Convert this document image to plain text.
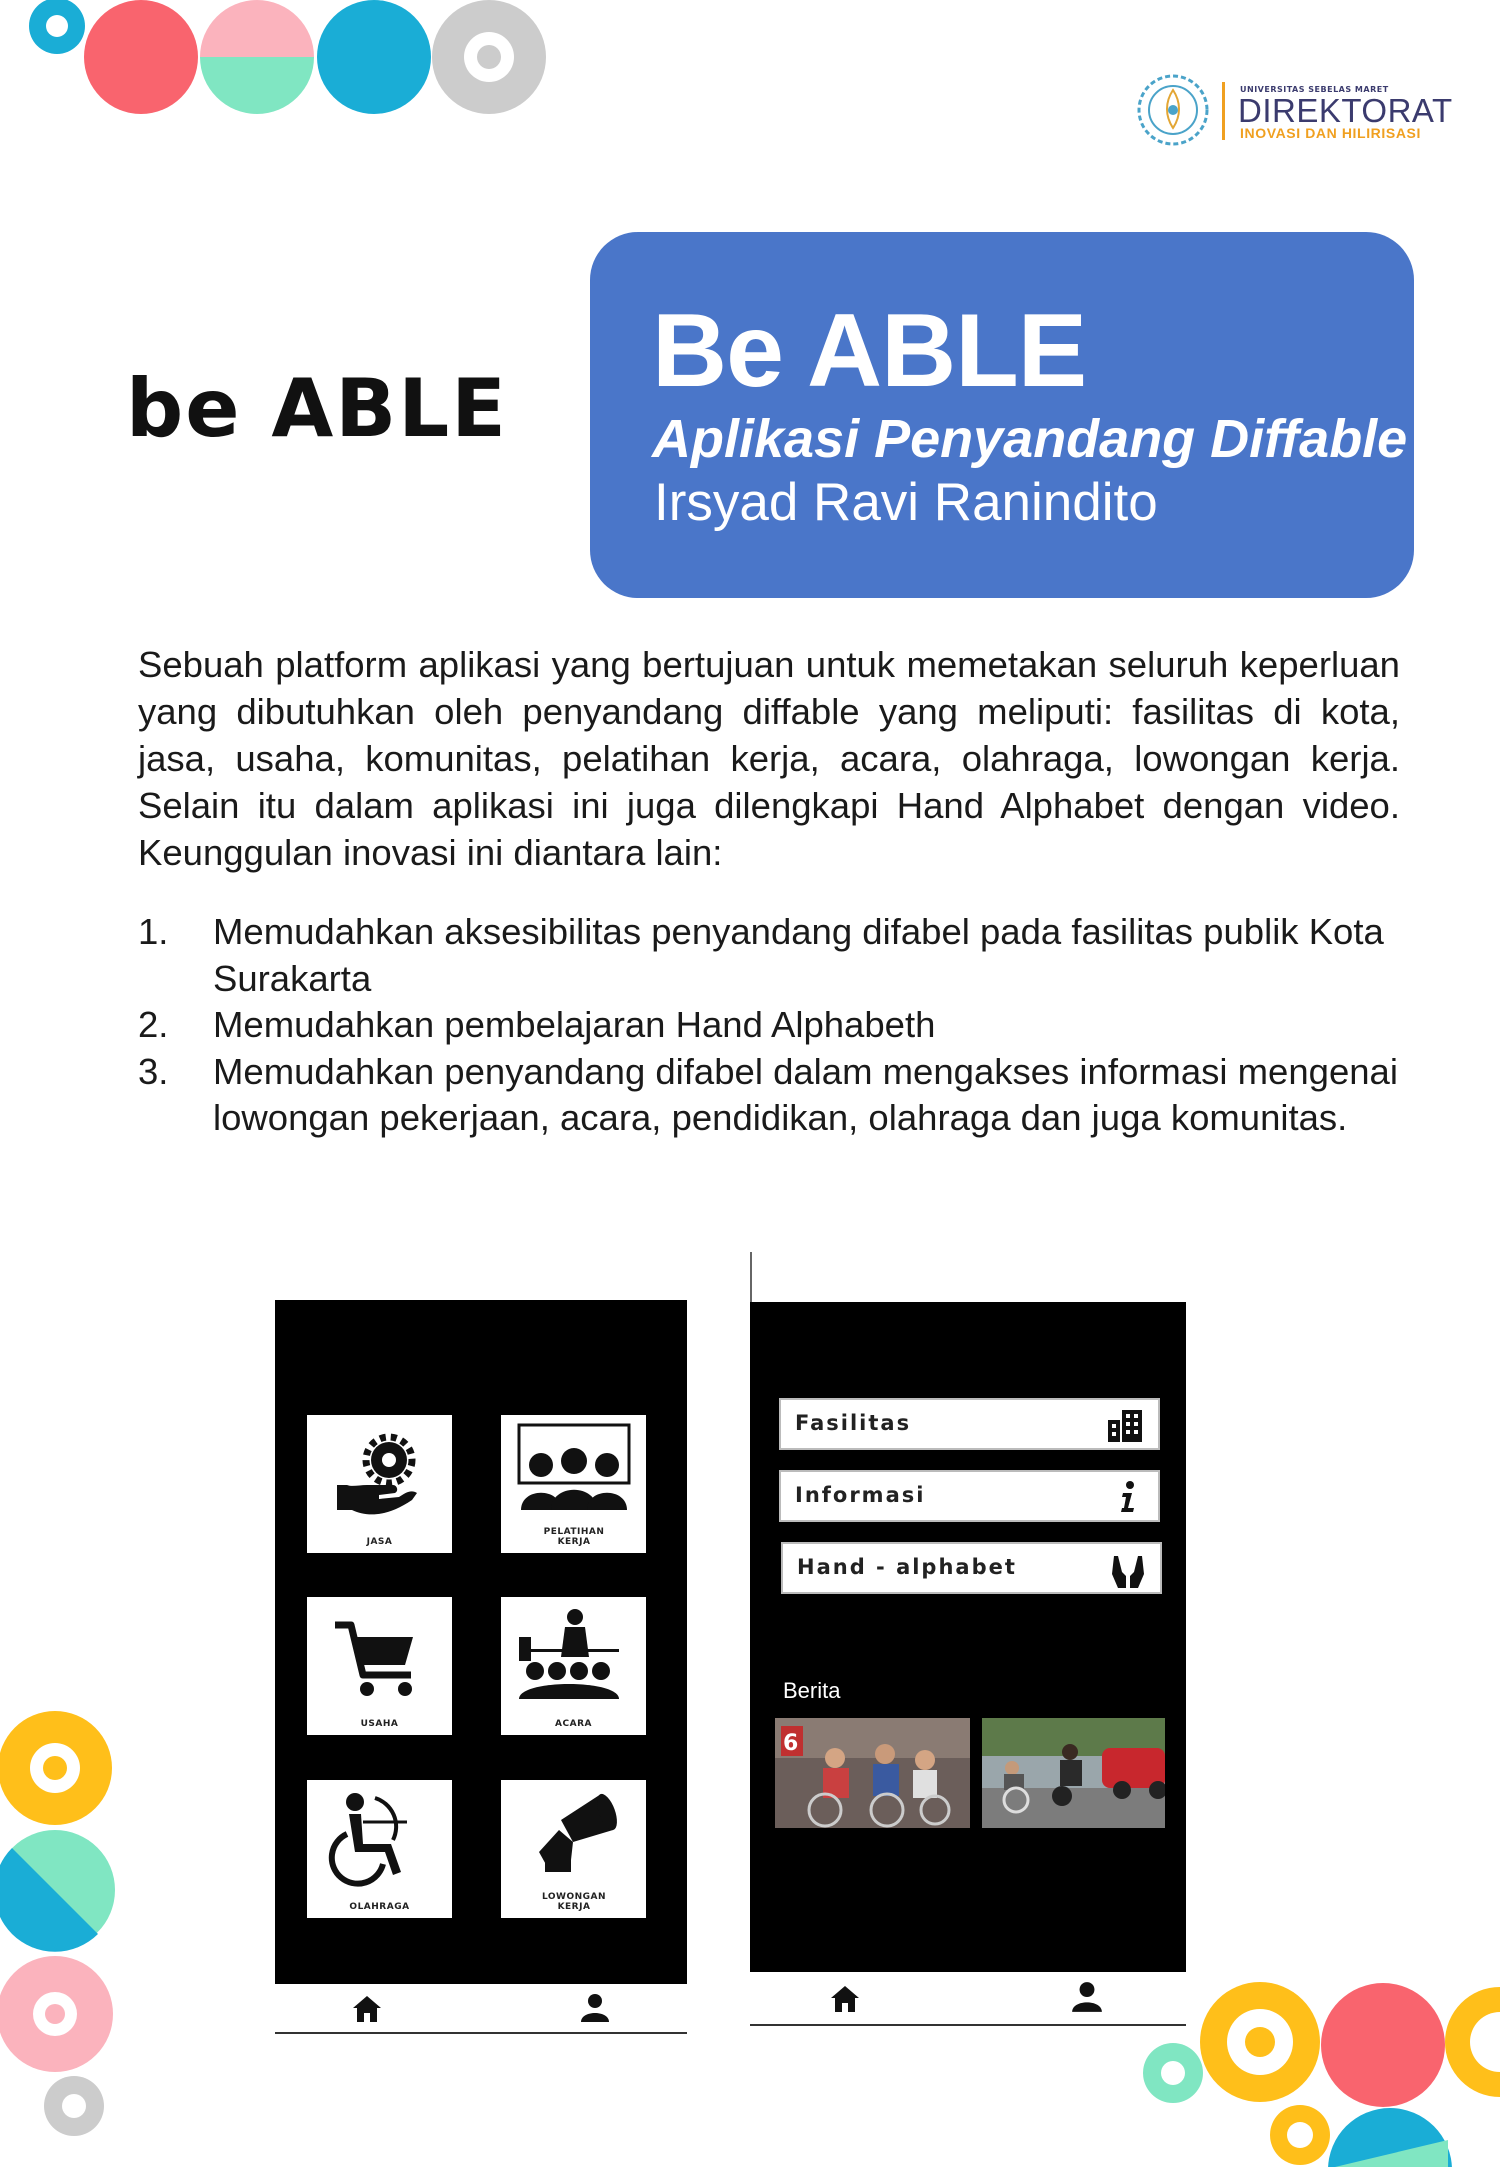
UNIVERSITAS SEBELAS MARET
DIREKTORAT
INOVASI DAN HILIRISASI
be ABLE Be ABLE
Aplikasi Penyandang Diffable
Irsyad Ravi Ranindito
Sebuah platform aplikasi yang bertujuan untuk memetakan seluruh keperluan yang dibutuhkan oleh penyandang diffable yang meliputi: fasilitas di kota, jasa, usaha, komunitas, pelatihan kerja, acara, olahraga, lowongan kerja. Selain itu dalam aplikasi ini juga dilengkapi Hand Alphabet dengan video. Keunggulan inovasi ini diantara lain:
1. Memudahkan aksesibilitas penyandang difabel pada fasilitas publik Kota Surakarta
2. Memudahkan pembelajaran Hand Alphabeth
3. Memudahkan penyandang difabel dalam mengakses informasi mengenai lowongan pekerjaan, acara, pendidikan, olahraga dan juga komunitas.
JASA
PELATIHAN KERJA
USAHA	ACARA
OLAHRAGA
LOWONGAN KERJA
Fasilitas
Informasi
Hand - alphabet
Berita
6
